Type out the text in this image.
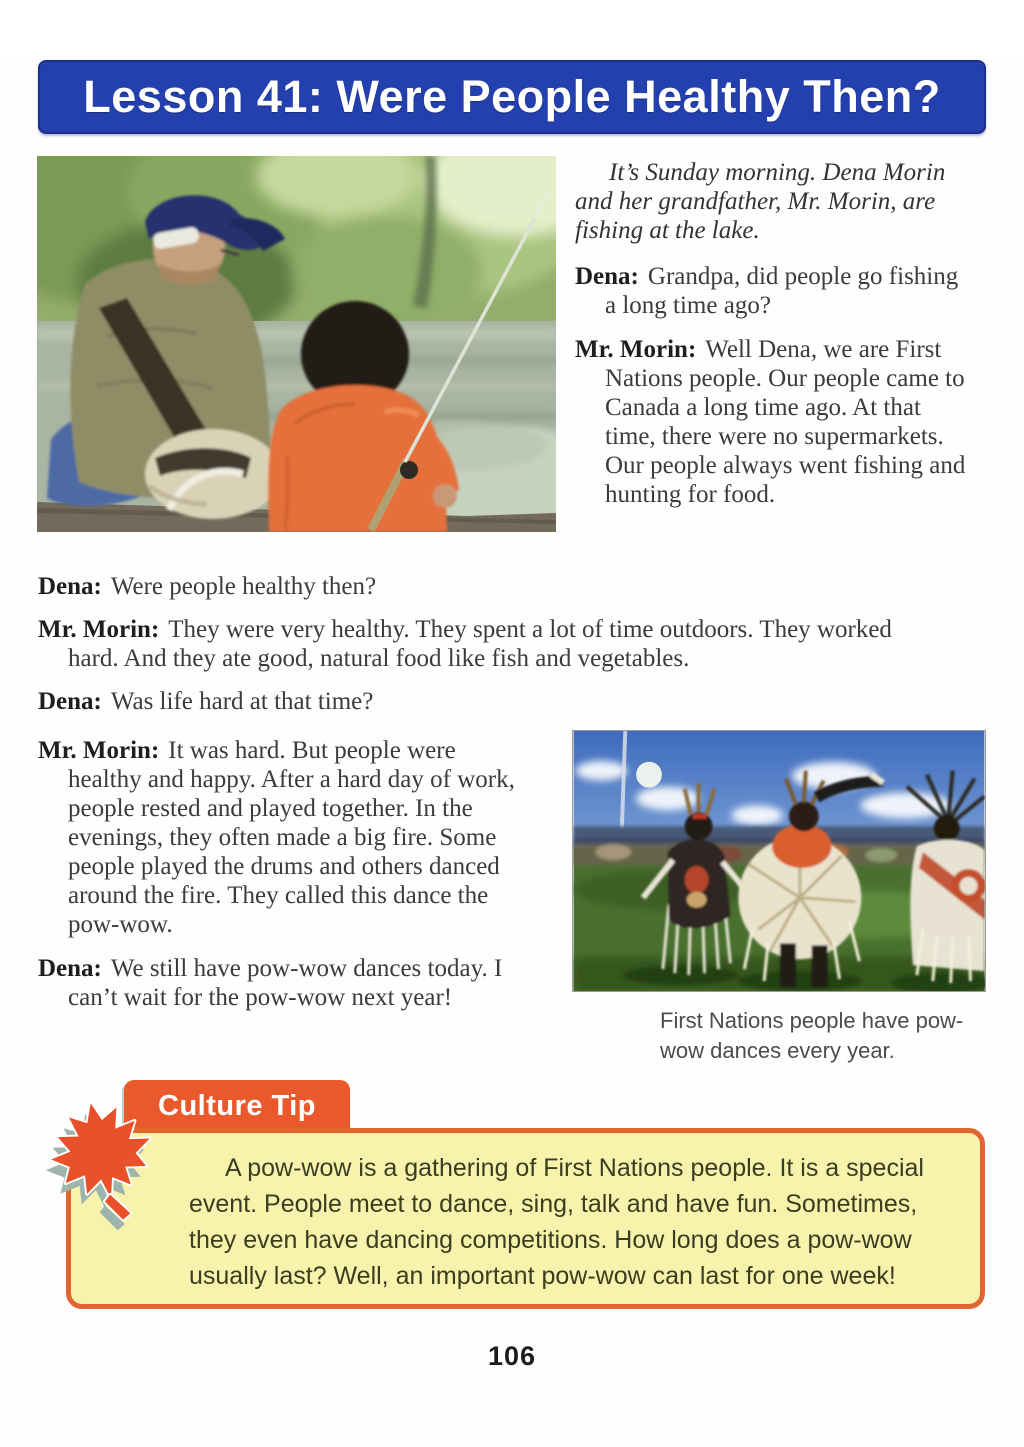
Lesson 41: Were People Healthy Then?

It’s Sunday morning. Dena Morin and her grandfather, Mr. Morin, are fishing at the lake.

Dena: Grandpa, did people go fishing a long time ago?

Mr. Morin: Well Dena, we are First Nations people. Our people came to Canada a long time ago. At that time, there were no supermarkets. Our people always went fishing and hunting for food.

Dena: Were people healthy then?

Mr. Morin: They were very healthy. They spent a lot of time outdoors. They worked hard. And they ate good, natural food like fish and vegetables.

Dena: Was life hard at that time?

Mr. Morin: It was hard. But people were healthy and happy. After a hard day of work, people rested and played together. In the evenings, they often made a big fire. Some people played the drums and others danced around the fire. They called this dance the pow-wow.

Dena: We still have pow-wow dances today. I can’t wait for the pow-wow next year!

First Nations people have pow-wow dances every year.
Culture Tip

A pow-wow is a gathering of First Nations people. It is a special event. People meet to dance, sing, talk and have fun. Sometimes, they even have dancing competitions. How long does a pow-wow usually last? Well, an important pow-wow can last for one week!

106
